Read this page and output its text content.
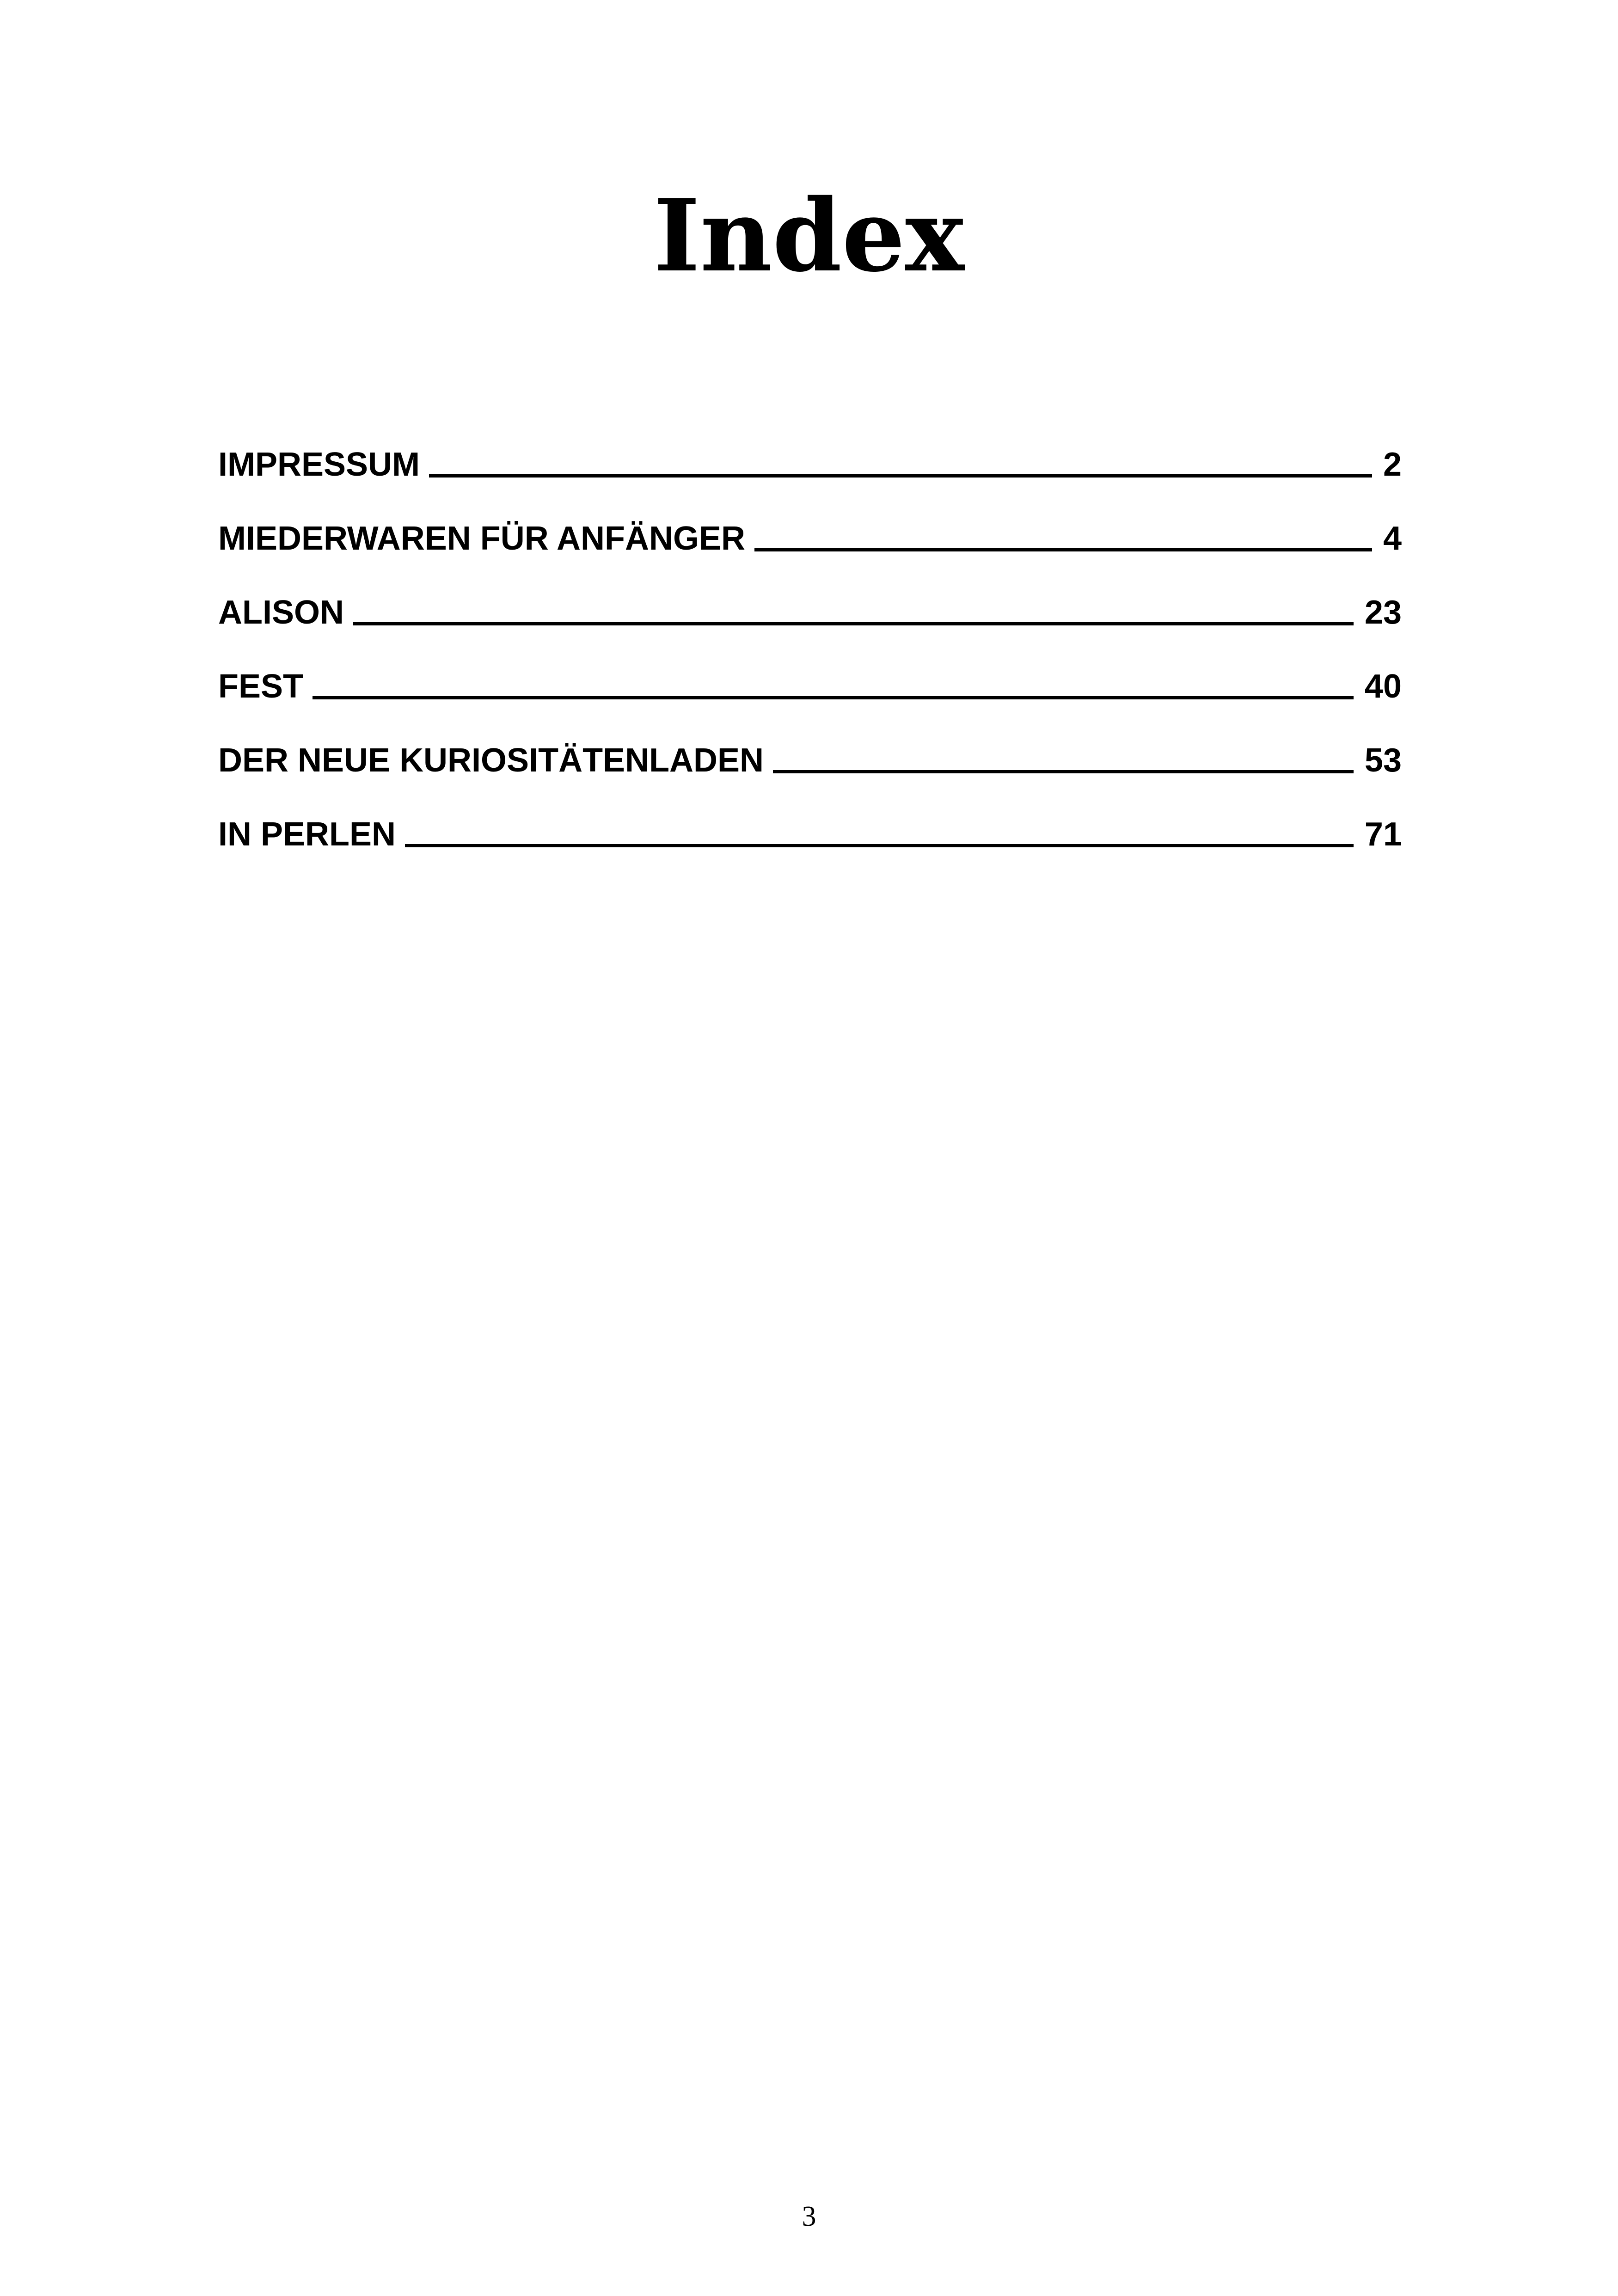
Index
IMPRESSUM	2
MIEDERWAREN FÜR ANFÄNGER	4
ALISON	23
FEST	40
DER NEUE KURIOSITÄTENLADEN	53
IN PERLEN	71
3
